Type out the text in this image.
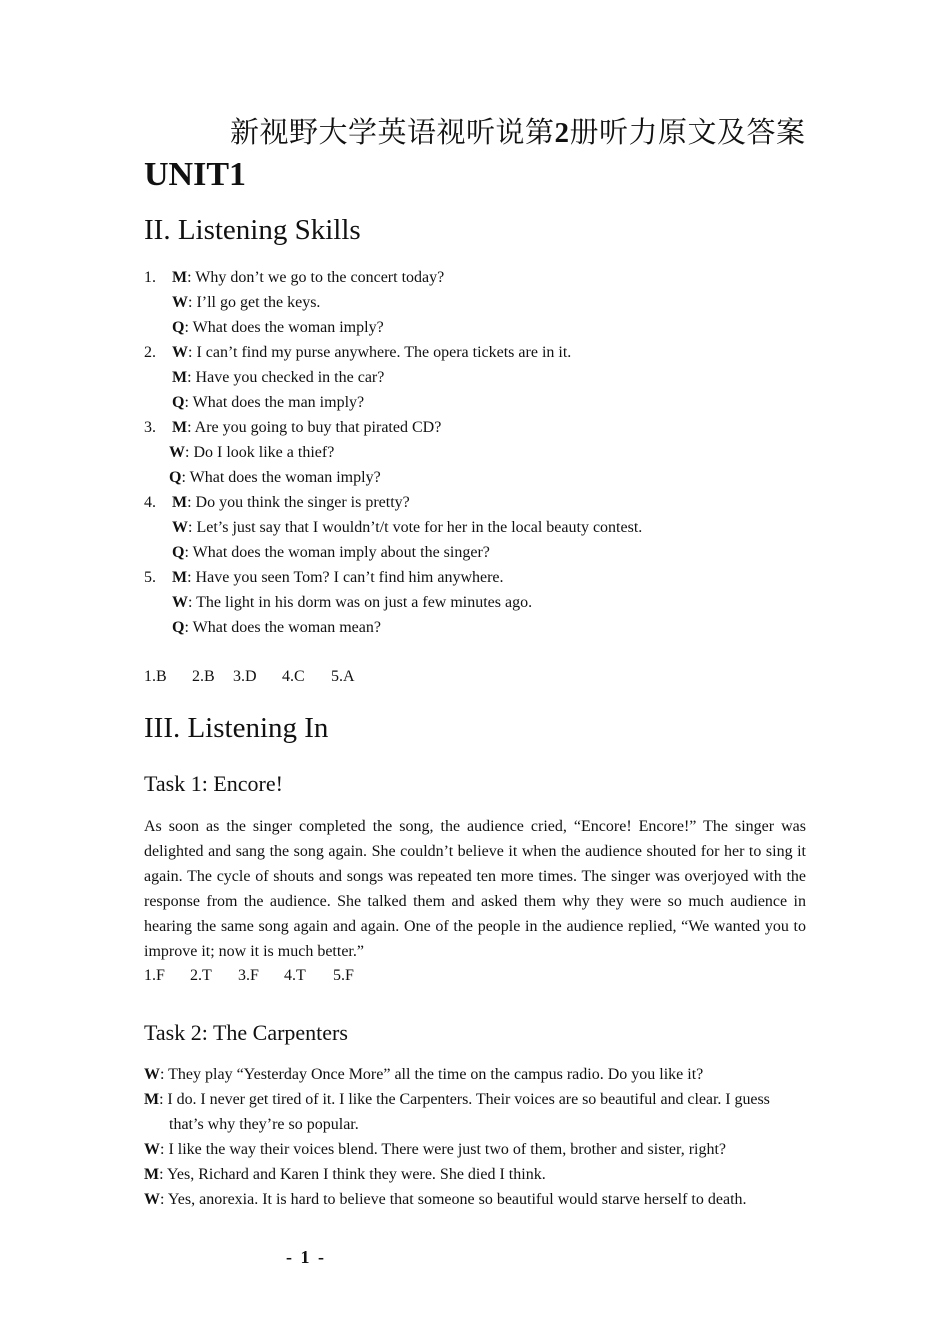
新视野大学英语视听说第2册听力原文及答案
UNIT1
II. Listening Skills
1. M: Why don’t we go to the concert today?
W: I’ll go get the keys.
Q: What does the woman imply?
2. W: I can’t find my purse anywhere. The opera tickets are in it.
M: Have you checked in the car?
Q: What does the man imply?
3. M: Are you going to buy that pirated CD?
W: Do I look like a thief?
Q: What does the woman imply?
4. M: Do you think the singer is pretty?
W: Let’s just say that I wouldn’t/t vote for her in the local beauty contest.
Q: What does the woman imply about the singer?
5. M: Have you seen Tom? I can’t find him anywhere.
W: The light in his dorm was on just a few minutes ago.
Q: What does the woman mean?
1.B 2.B 3.D 4.C 5.A
III. Listening In
Task 1: Encore!
As soon as the singer completed the song, the audience cried, “Encore! Encore!” The singer was delighted and sang the song again. She couldn’t believe it when the audience shouted for her to sing it again. The cycle of shouts and songs was repeated ten more times. The singer was overjoyed with the response from the audience. She talked them and asked them why they were so much audience in hearing the same song again and again. One of the people in the audience replied, “We wanted you to improve it; now it is much better.”
1.F 2.T 3.F 4.T 5.F
Task 2: The Carpenters
W: They play “Yesterday Once More” all the time on the campus radio. Do you like it?
M: I do. I never get tired of it. I like the Carpenters. Their voices are so beautiful and clear. I guess
that’s why they’re so popular.
W: I like the way their voices blend. There were just two of them, brother and sister, right?
M: Yes, Richard and Karen I think they were. She died I think.
W: Yes, anorexia. It is hard to believe that someone so beautiful would starve herself to death.
- 1 -
